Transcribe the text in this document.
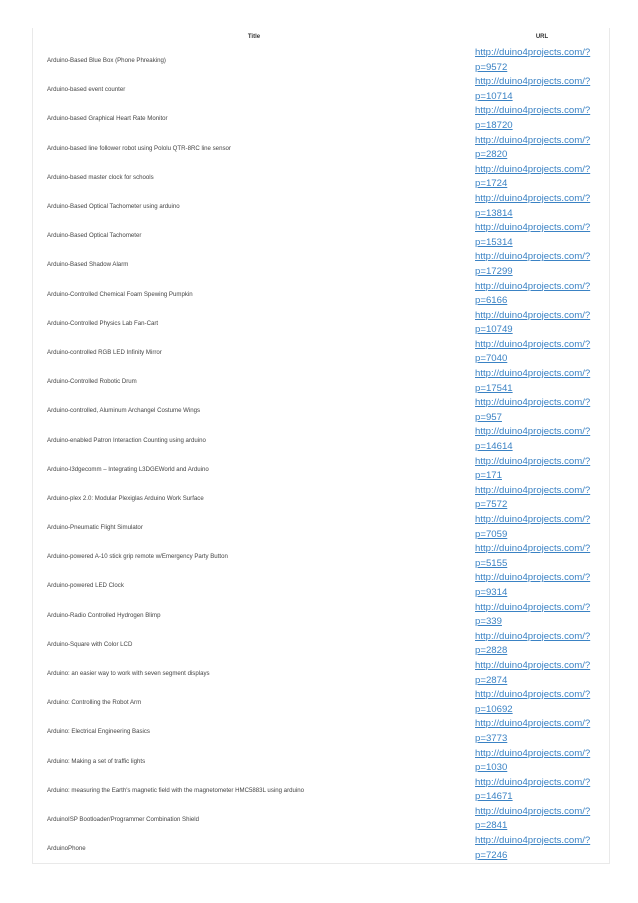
Title	URL
Arduino-Based Blue Box (Phone Phreaking)
http://duino4projects.com/?
p=9572
Arduino-based event counter
http://duino4projects.com/?
p=10714
Arduino-based Graphical Heart Rate Monitor
http://duino4projects.com/?
p=18720
Arduino-based line follower robot using Pololu QTR-8RC line sensor
http://duino4projects.com/?
p=2820
Arduino-based master clock for schools
http://duino4projects.com/?
p=1724
Arduino-Based Optical Tachometer using arduino
http://duino4projects.com/?
p=13814
Arduino-Based Optical Tachometer
http://duino4projects.com/?
p=15314
Arduino-Based Shadow Alarm
http://duino4projects.com/?
p=17299
Arduino-Controlled Chemical Foam Spewing Pumpkin
http://duino4projects.com/?
p=6166
Arduino-Controlled Physics Lab Fan-Cart
http://duino4projects.com/?
p=10749
Arduino-controlled RGB LED Infinity Mirror
http://duino4projects.com/?
p=7040
Arduino-Controlled Robotic Drum
http://duino4projects.com/?
p=17541
Arduino-controlled, Aluminum Archangel Costume Wings
http://duino4projects.com/?
p=957
Arduino-enabled Patron Interaction Counting using arduino
http://duino4projects.com/?
p=14614
Arduino-l3dgecomm – Integrating L3DGEWorld and Arduino
http://duino4projects.com/?
p=171
Arduino-plex 2.0: Modular Plexiglas Arduino Work Surface
http://duino4projects.com/?
p=7572
Arduino-Pneumatic Flight Simulator
http://duino4projects.com/?
p=7059
Arduino-powered A-10 stick grip remote w/Emergency Party Button
http://duino4projects.com/?
p=5155
Arduino-powered LED Clock
http://duino4projects.com/?
p=9314
Arduino-Radio Controlled Hydrogen Blimp
http://duino4projects.com/?
p=339
Arduino-Square with Color LCD
http://duino4projects.com/?
p=2828
Arduino: an easier way to work with seven segment displays
http://duino4projects.com/?
p=2874
Arduino: Controlling the Robot Arm
http://duino4projects.com/?
p=10692
Arduino: Electrical Engineering Basics
http://duino4projects.com/?
p=3773
Arduino: Making a set of traffic lights
http://duino4projects.com/?
p=1030
Arduino: measuring the Earth's magnetic field with the magnetometer HMC5883L using arduino
http://duino4projects.com/?
p=14671
ArduinoISP Bootloader/Programmer Combination Shield
http://duino4projects.com/?
p=2841
ArduinoPhone
http://duino4projects.com/?
p=7246
